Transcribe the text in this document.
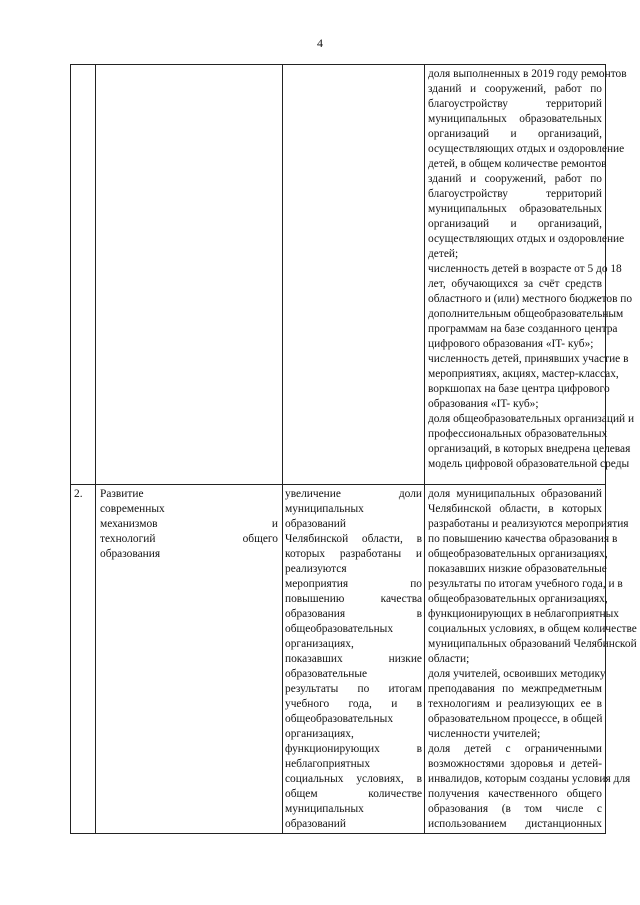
4
доля выполненных в 2019 году ремонтов
зданий и сооружений, работ по
благоустройству территорий
муниципальных образовательных
организаций и организаций,
осуществляющих отдых и оздоровление
детей, в общем количестве ремонтов
зданий и сооружений, работ по
благоустройству территорий
муниципальных образовательных
организаций и организаций,
осуществляющих отдых и оздоровление
детей;
численность детей в возрасте от 5 до 18
лет, обучающихся за счёт средств
областного и (или) местного бюджетов по
дополнительным общеобразовательным
программам на базе созданного центра
цифрового образования «IT- куб»;
численность детей, принявших участие в
мероприятиях, акциях, мастер-классах,
воркшопах на базе центра цифрового
образования «IT- куб»;
доля общеобразовательных организаций и
профессиональных образовательных
организаций, в которых внедрена целевая
модель цифровой образовательной среды
2.	Развитие
современных
механизмов и
технологий общего
образования
увеличение доли
муниципальных
образований
Челябинской области, в
которых разработаны и
реализуются
мероприятия по
повышению качества
образования в
общеобразовательных
организациях,
показавших низкие
образовательные
результаты по итогам
учебного года, и в
общеобразовательных
организациях,
функционирующих в
неблагоприятных
социальных условиях, в
общем количестве
муниципальных
образований
доля муниципальных образований
Челябинской области, в которых
разработаны и реализуются мероприятия
по повышению качества образования в
общеобразовательных организациях,
показавших низкие образовательные
результаты по итогам учебного года, и в
общеобразовательных организациях,
функционирующих в неблагоприятных
социальных условиях, в общем количестве
муниципальных образований Челябинской
области;
доля учителей, освоивших методику
преподавания по межпредметным
технологиям и реализующих ее в
образовательном процессе, в общей
численности учителей;
доля детей с ограниченными
возможностями здоровья и детей-
инвалидов, которым созданы условия для
получения качественного общего
образования (в том числе с
использованием дистанционных
